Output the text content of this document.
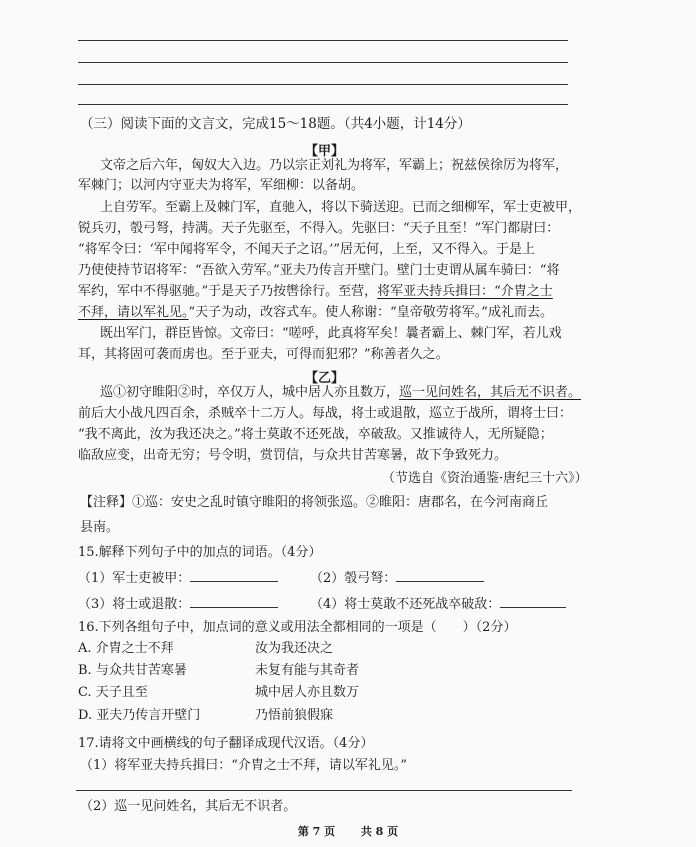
（三）阅读下面的文言文，完成15～18题。（共4小题，计14分）
【甲】
文帝之后六年，匈奴大入边。乃以宗正刘礼为将军，军霸上；祝兹侯徐厉为将军，
军棘门；以河内守亚夫为将军，军细柳：以备胡。
上自劳军。至霸上及棘门军，直驰入，将以下骑送迎。已而之细柳军，军士吏被甲，
锐兵刃，彀弓弩，持满。天子先驱至，不得入。先驱曰：“天子且至！”军门都尉曰：
“将军令曰：‘军中闻将军令，不闻天子之诏。’”居无何，上至，又不得入。于是上
乃使使持节诏将军：“吾欲入劳军。”亚夫乃传言开壁门。壁门士吏谓从属车骑曰：“将
军约，军中不得驱驰。”于是天子乃按辔徐行。至营，将军亚夫持兵揖曰：“介胄之士
不拜，请以军礼见。”天子为动，改容式车。使人称谢：“皇帝敬劳将军。”成礼而去。
既出军门，群臣皆惊。文帝曰：“嗟呼，此真将军矣！曩者霸上、棘门军，若儿戏
耳，其将固可袭而虏也。至于亚夫，可得而犯邪？”称善者久之。
【乙】
巡①初守睢阳②时，卒仅万人，城中居人亦且数万，巡一见问姓名，其后无不识者。
前后大小战凡四百余，杀贼卒十二万人。每战，将士或退散，巡立于战所，谓将士曰：
“我不离此，汝为我还决之。”将士莫敢不还死战，卒破敌。又推诚待人，无所疑隐；
临敌应变，出奇无穷；号令明，赏罚信，与众共甘苦寒暑，故下争致死力。
（节选自《资治通鉴·唐纪三十六》）
【注释】①巡：安史之乱时镇守睢阳的将领张巡。②睢阳：唐郡名，在今河南商丘
县南。
15.解释下列句子中的加点的词语。（4分）
（1）军士吏被甲：	（2）彀弓弩：
（3）将士或退散：	（4）将士莫敢不还死战卒破敌：
16.下列各组句子中，加点词的意义或用法全都相同的一项是（　　）（2分）
A. 介胄之士不拜	汝为我还决之
B. 与众共甘苦寒暑	未复有能与其奇者
C. 天子且至	城中居人亦且数万
D. 亚夫乃传言开壁门	乃悟前狼假寐
17.请将文中画横线的句子翻译成现代汉语。（4分）
（1）将军亚夫持兵揖曰：“介胄之士不拜，请以军礼见。”
（2）巡一见问姓名，其后无不识者。
第 7 页 共 8 页
